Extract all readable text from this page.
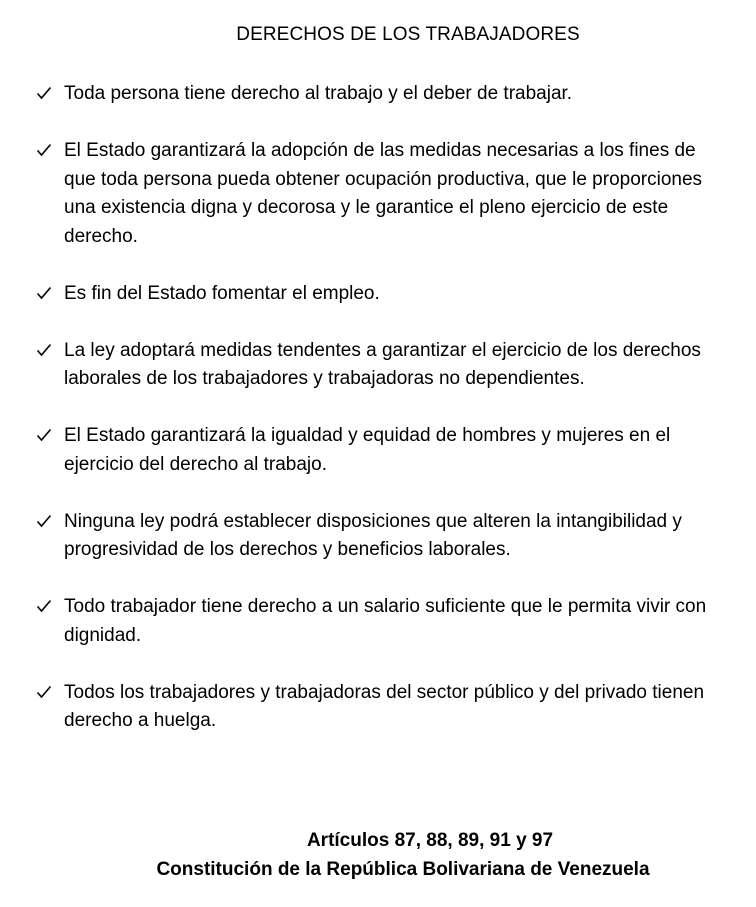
DERECHOS DE LOS TRABAJADORES
Toda persona tiene derecho al trabajo y el deber de trabajar.
El Estado garantizará la adopción de las medidas necesarias a los fines de que toda persona pueda obtener ocupación productiva, que le proporciones una existencia digna y decorosa y le garantice el pleno ejercicio de este derecho.
Es fin del Estado fomentar el empleo.
La ley adoptará medidas tendentes a garantizar el ejercicio de los derechos laborales de los trabajadores y trabajadoras no dependientes.
El Estado garantizará la igualdad y equidad de hombres y mujeres en el ejercicio del derecho al trabajo.
Ninguna ley podrá establecer disposiciones que alteren la intangibilidad y progresividad de los derechos y beneficios laborales.
Todo trabajador tiene derecho a un salario suficiente que le permita vivir con dignidad.
Todos los trabajadores y trabajadoras del sector público y del privado tienen derecho a huelga.
Artículos 87, 88, 89, 91 y 97
Constitución de la República Bolivariana de Venezuela
